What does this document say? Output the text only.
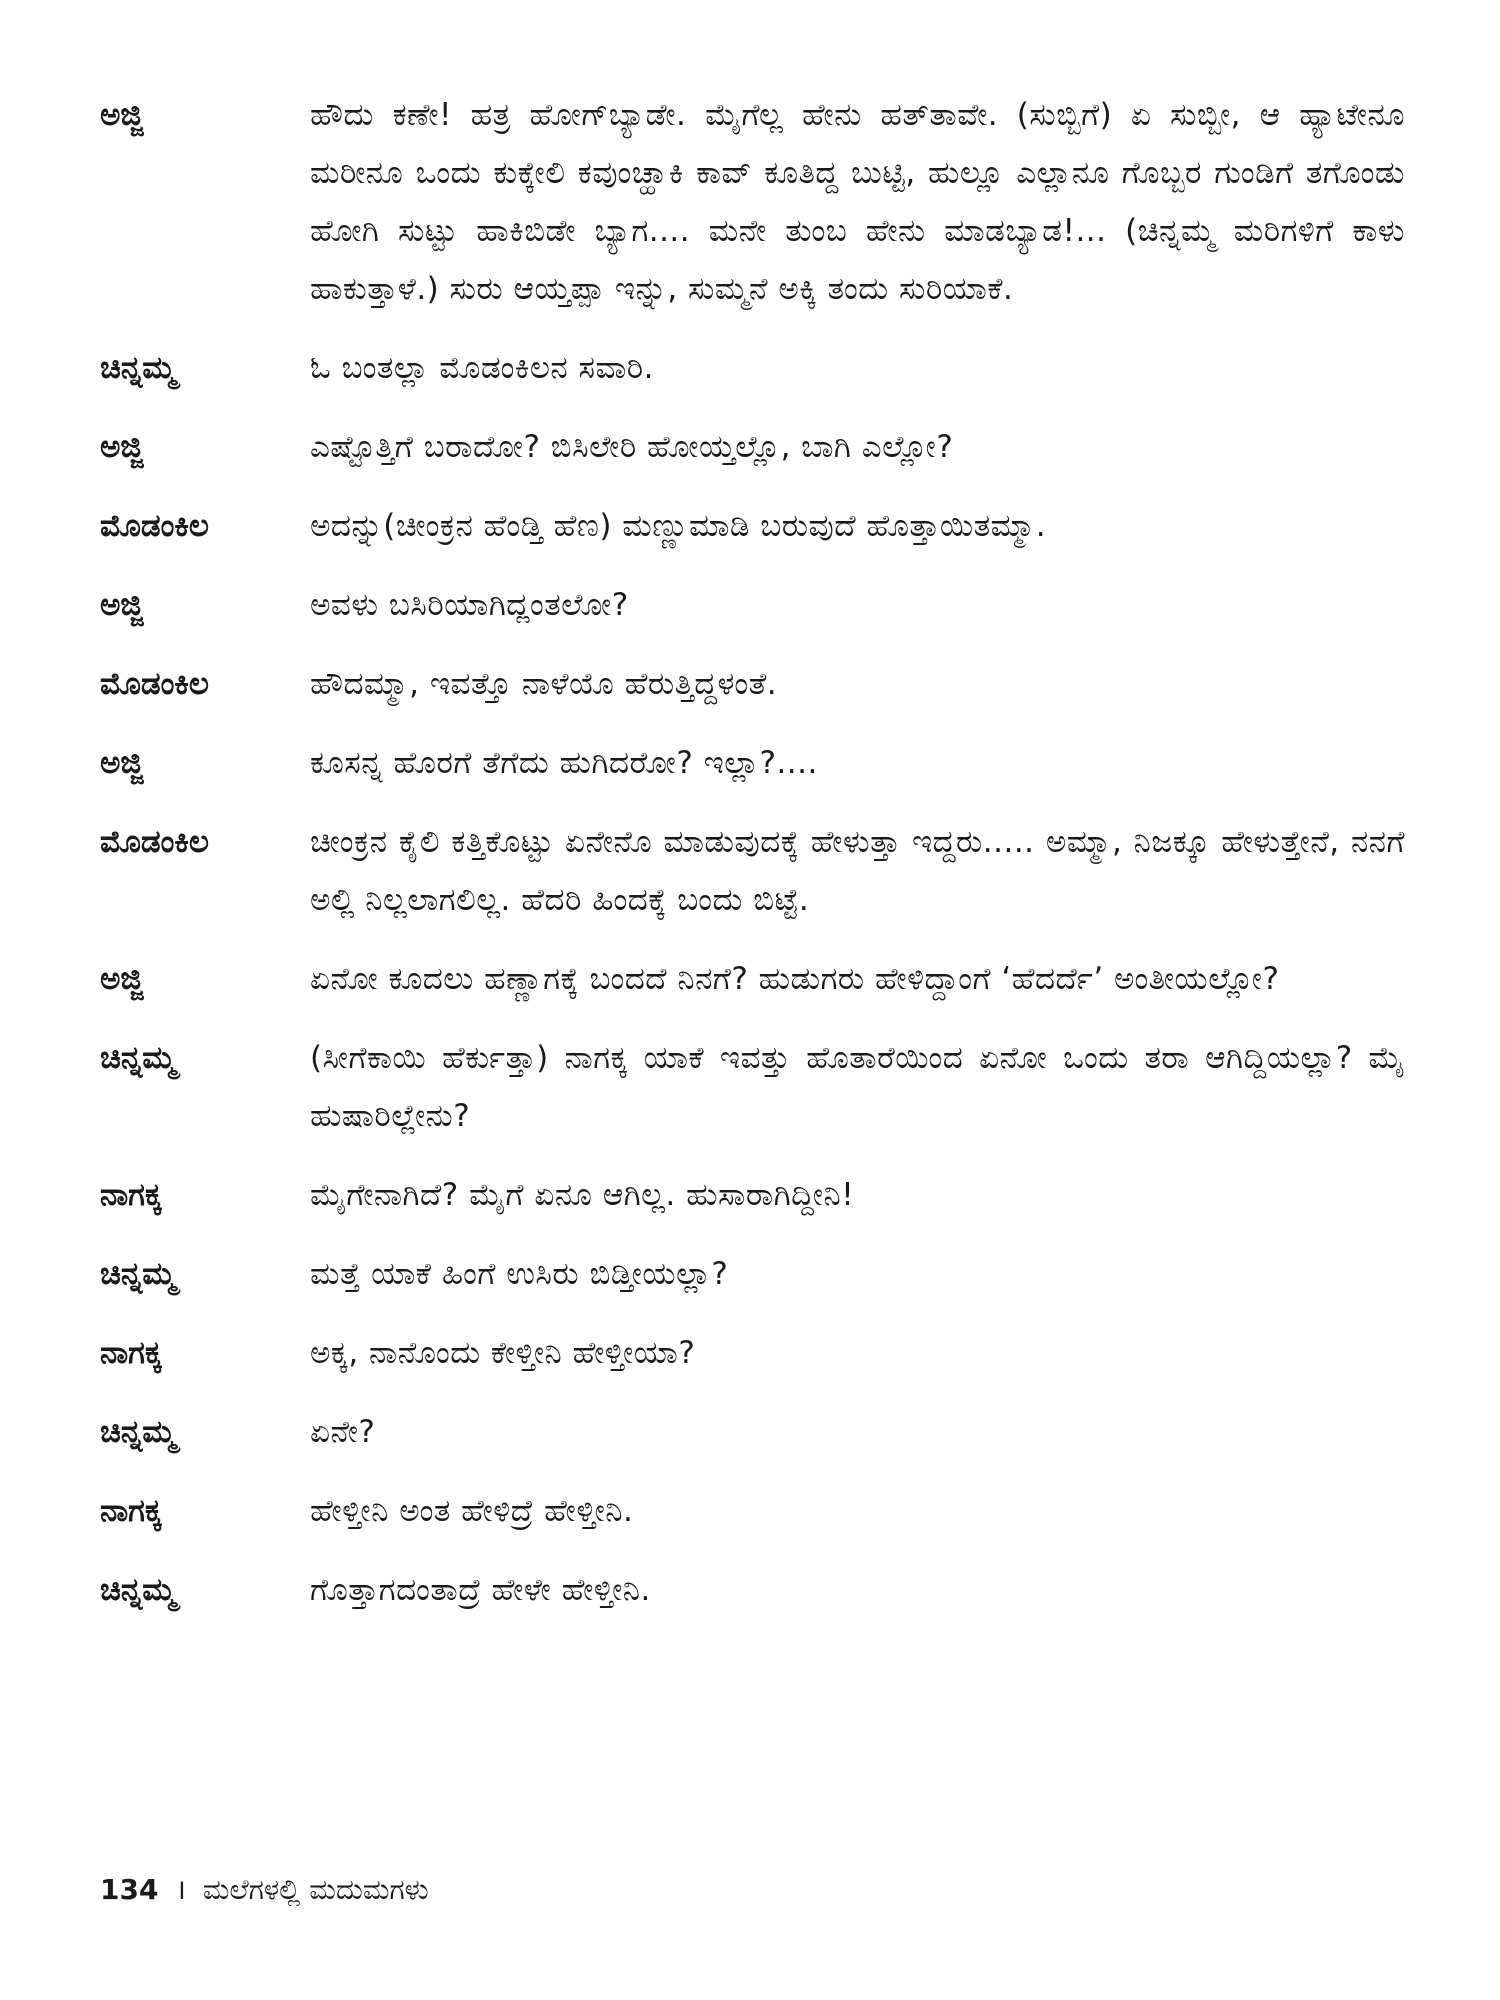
ಅಜ್ಜಿ	ಹೌದು ಕಣೇ! ಹತ್ರ ಹೋಗ್‌ಬ್ಯಾಡೇ. ಮೈಗೆಲ್ಲ ಹೇನು ಹತ್‌ತಾವೇ. (ಸುಬ್ಬಿಗೆ) ಏ ಸುಬ್ಬೀ, ಆ ಹ್ಯಾಟೇನೂ ಮರೀನೂ ಒಂದು ಕುಕ್ಕೇಲಿ ಕವುಂಚ್ಹಾಕಿ ಕಾವ್ ಕೂತಿದ್ದ ಬುಟ್ಟಿ, ಹುಲ್ಲೂ ಎಲ್ಲಾನೂ ಗೊಬ್ಬರ ಗುಂಡಿಗೆ ತಗೊಂಡು ಹೋಗಿ ಸುಟ್ಟು ಹಾಕಿಬಿಡೇ ಬ್ಯಾಗ.... ಮನೇ ತುಂಬ ಹೇನು ಮಾಡಬ್ಯಾಡ!... (ಚಿನ್ನಮ್ಮ ಮರಿಗಳಿಗೆ ಕಾಳು ಹಾಕುತ್ತಾಳೆ.) ಸುರು ಆಯ್ತಪ್ಪಾ ಇನ್ನು, ಸುಮ್ಮನೆ ಅಕ್ಕಿ ತಂದು ಸುರಿಯಾಕೆ.
ಚಿನ್ನಮ್ಮ	ಓ ಬಂತಲ್ಲಾ ಮೊಡಂಕಿಲನ ಸವಾರಿ.
ಅಜ್ಜಿ	ಎಷ್ಟೊತ್ತಿಗೆ ಬರಾದೋ? ಬಿಸಿಲೇರಿ ಹೋಯ್ತಲ್ಲೊ, ಬಾಗಿ ಎಲ್ಲೋ?
ಮೊಡಂಕಿಲ	ಅದನ್ನು(ಚೀಂಕ್ರನ ಹೆಂಡ್ತಿ ಹೆಣ) ಮಣ್ಣುಮಾಡಿ ಬರುವುದೆ ಹೊತ್ತಾಯಿತಮ್ಮಾ.
ಅಜ್ಜಿ	ಅವಳು ಬಸಿರಿಯಾಗಿದ್ಲಂತಲೋ?
ಮೊಡಂಕಿಲ	ಹೌದಮ್ಮಾ, ಇವತ್ತೊ ನಾಳೆಯೊ ಹೆರುತ್ತಿದ್ದಳಂತೆ.
ಅಜ್ಜಿ	ಕೂಸನ್ನ ಹೊರಗೆ ತೆಗೆದು ಹುಗಿದರೋ? ಇಲ್ಲಾ?....
ಮೊಡಂಕಿಲ	ಚೀಂಕ್ರನ ಕೈಲಿ ಕತ್ತಿಕೊಟ್ಟು ಏನೇನೊ ಮಾಡುವುದಕ್ಕೆ ಹೇಳುತ್ತಾ ಇದ್ದರು..... ಅಮ್ಮಾ, ನಿಜಕ್ಕೂ ಹೇಳುತ್ತೇನೆ, ನನಗೆ ಅಲ್ಲಿ ನಿಲ್ಲಲಾಗಲಿಲ್ಲ. ಹೆದರಿ ಹಿಂದಕ್ಕೆ ಬಂದು ಬಿಟ್ಟೆ.
ಅಜ್ಜಿ	ಏನೋ ಕೂದಲು ಹಣ್ಣಾಗಕ್ಕೆ ಬಂದದೆ ನಿನಗೆ? ಹುಡುಗರು ಹೇಳಿದ್ದಾಂಗೆ ‘ಹೆದರ್ದೆ’ ಅಂತೀಯಲ್ಲೋ?
ಚಿನ್ನಮ್ಮ	(ಸೀಗೆಕಾಯಿ ಹೆರ್ಕುತ್ತಾ) ನಾಗಕ್ಕ ಯಾಕೆ ಇವತ್ತು ಹೊತಾರೆಯಿಂದ ಏನೋ ಒಂದು ತರಾ ಆಗಿದ್ದಿಯಲ್ಲಾ? ಮೈ ಹುಷಾರಿಲ್ಲೇನು?
ನಾಗಕ್ಕ	ಮೈಗೇನಾಗಿದೆ? ಮೈಗೆ ಏನೂ ಆಗಿಲ್ಲ. ಹುಸಾರಾಗಿದ್ದೀನಿ!
ಚಿನ್ನಮ್ಮ	ಮತ್ತೆ ಯಾಕೆ ಹಿಂಗೆ ಉಸಿರು ಬಿಡ್ತೀಯಲ್ಲಾ?
ನಾಗಕ್ಕ	ಅಕ್ಕ, ನಾನೊಂದು ಕೇಳ್ತೀನಿ ಹೇಳ್ತೀಯಾ?
ಚಿನ್ನಮ್ಮ	ಏನೇ?
ನಾಗಕ್ಕ	ಹೇಳ್ತೀನಿ ಅಂತ ಹೇಳಿದ್ರೆ ಹೇಳ್ತೀನಿ.
ಚಿನ್ನಮ್ಮ	ಗೊತ್ತಾಗದಂತಾದ್ರೆ ಹೇಳೇ ಹೇಳ್ತೀನಿ.
134 । ಮಲೆಗಳಲ್ಲಿ ಮದುಮಗಳು
